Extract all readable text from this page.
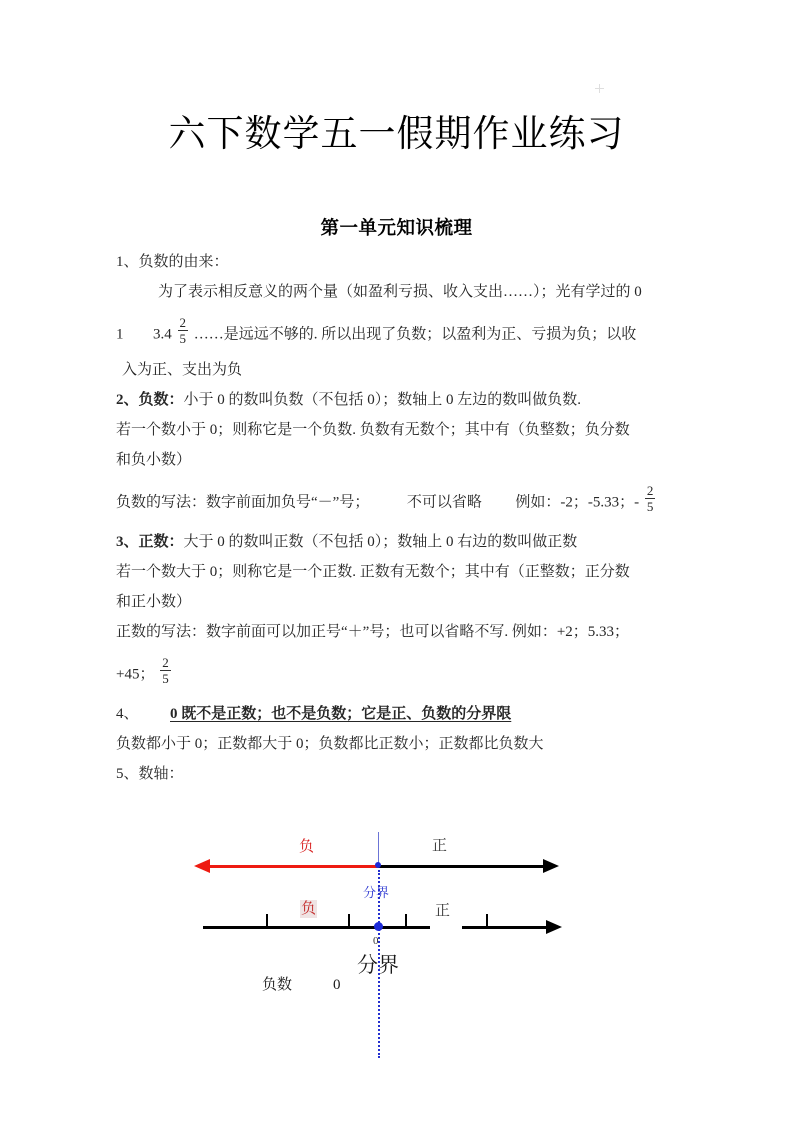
六下数学五一假期作业练习
第一单元知识梳理
1、负数的由来：
为了表示相反意义的两个量（如盈利亏损、收入支出……）；光有学过的 0
1 $3.4 \frac{2}{5}$ ……是远远不够的. 所以出现了负数；以盈利为正、亏损为负；以收
入为正、支出为负
2、负数：小于 0 的数叫负数（不包括 0）；数轴上 0 左边的数叫做负数.
若一个数小于 0；则称它是一个负数. 负数有无数个；其中有（负整数；负分数
和负小数）
负数的写法：数字前面加负号“－”号；	不可以省略 例如：-2；-5.33；- $\frac{2}{5}$
3、正数：大于 0 的数叫正数（不包括 0）；数轴上 0 右边的数叫做正数
若一个数大于 0；则称它是一个正数. 正数有无数个；其中有（正整数；正分数
和正小数）
正数的写法：数字前面可以加正号“＋”号；也可以省略不写. 例如：+2；5.33；
+45； $\frac{2}{5}$
4、 0 既不是正数；也不是负数；它是正、负数的分界限
负数都小于 0；正数都大于 0；负数都比正数小；正数都比负数大
5、数轴：
负	正
分界
负	正
0
分界
负数	0
